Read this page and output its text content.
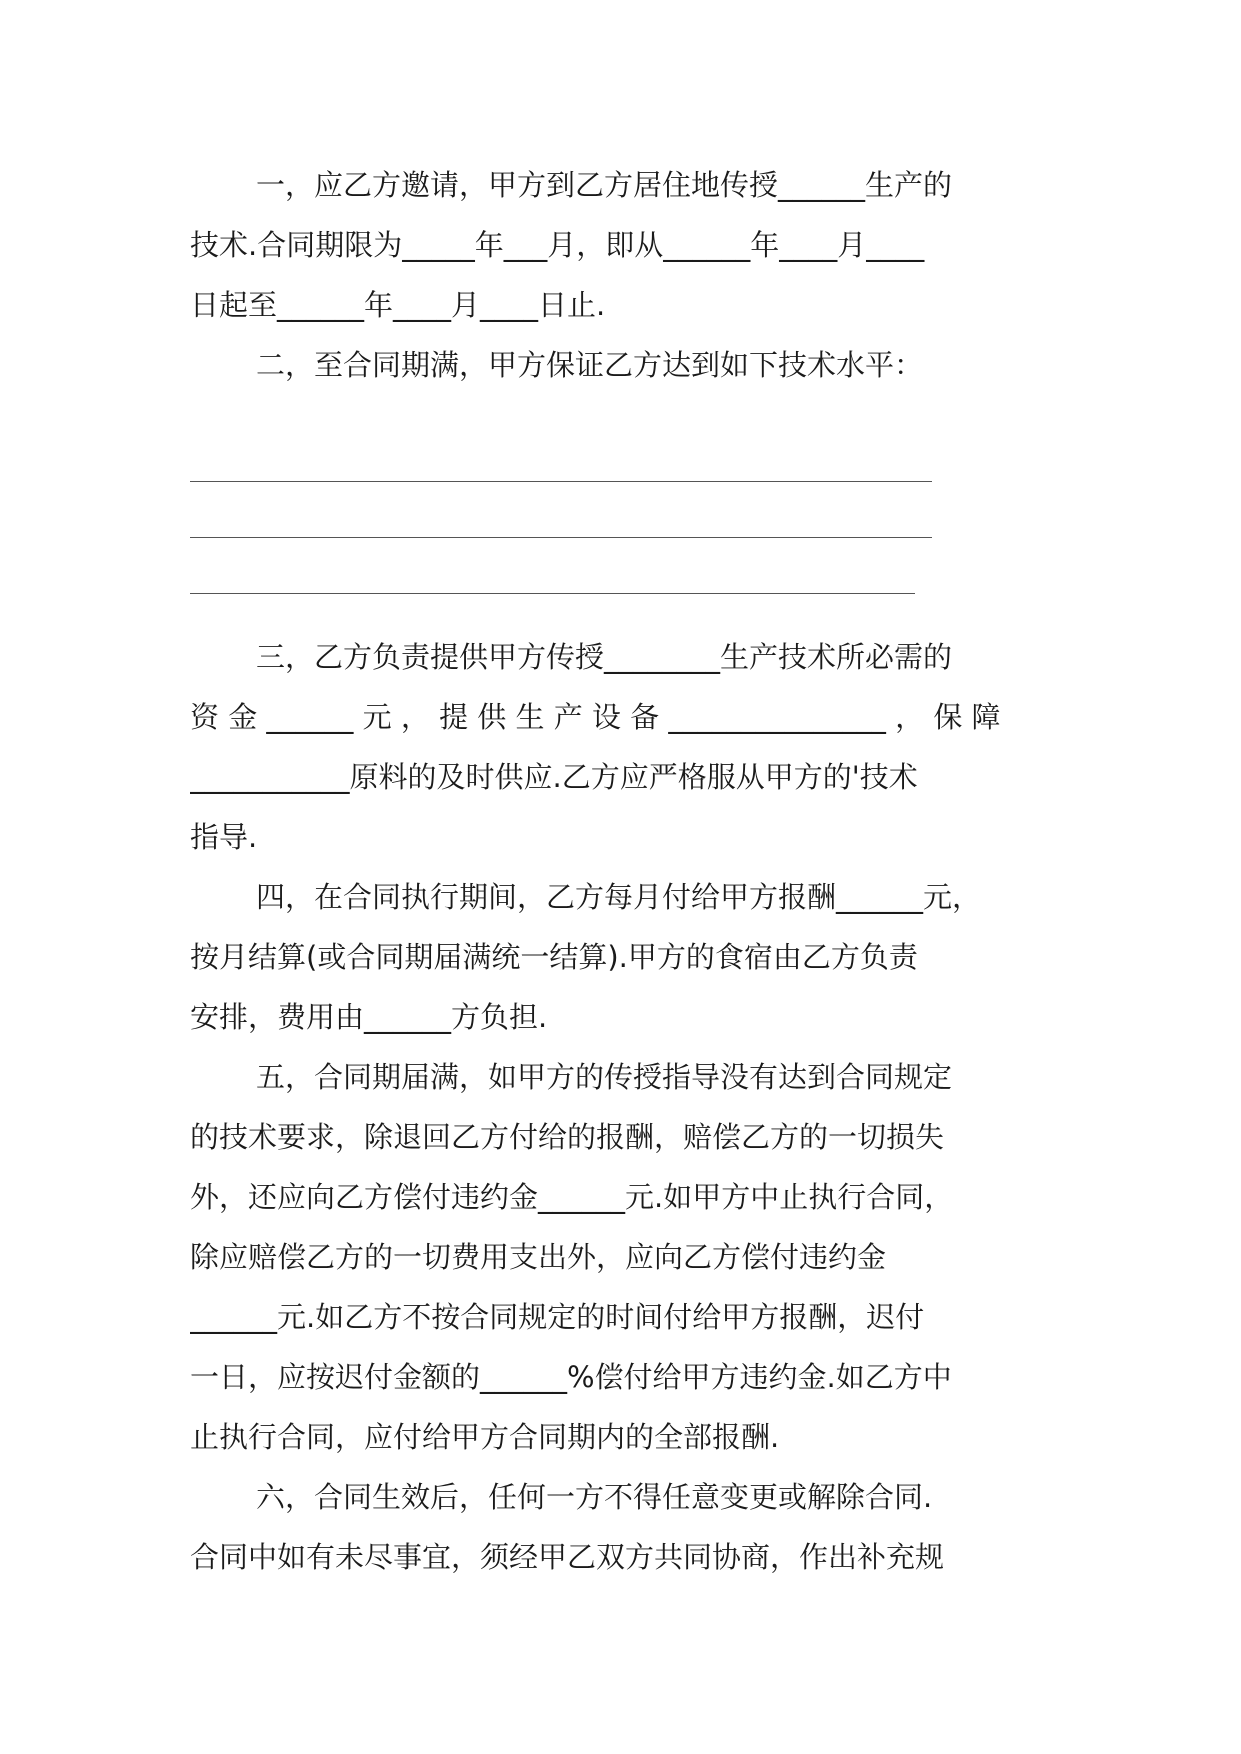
一，应乙方邀请，甲方到乙方居住地传授______生产的
技术.合同期限为_____年___月，即从______年____月____
日起至______年____月____日止.
二，至合同期满，甲方保证乙方达到如下技术水平：
三，乙方负责提供甲方传授________生产技术所必需的
资 金 ______ 元 ， 提 供 生 产 设 备 _______________ ， 保 障
___________原料的及时供应.乙方应严格服从甲方的'技术
指导.
四，在合同执行期间，乙方每月付给甲方报酬______元，
按月结算(或合同期届满统一结算).甲方的食宿由乙方负责
安排，费用由______方负担.
五，合同期届满，如甲方的传授指导没有达到合同规定
的技术要求，除退回乙方付给的报酬，赔偿乙方的一切损失
外，还应向乙方偿付违约金______元.如甲方中止执行合同，
除应赔偿乙方的一切费用支出外，应向乙方偿付违约金
______元.如乙方不按合同规定的时间付给甲方报酬，迟付
一日，应按迟付金额的______%偿付给甲方违约金.如乙方中
止执行合同，应付给甲方合同期内的全部报酬.
六，合同生效后，任何一方不得任意变更或解除合同.
合同中如有未尽事宜，须经甲乙双方共同协商，作出补充规
